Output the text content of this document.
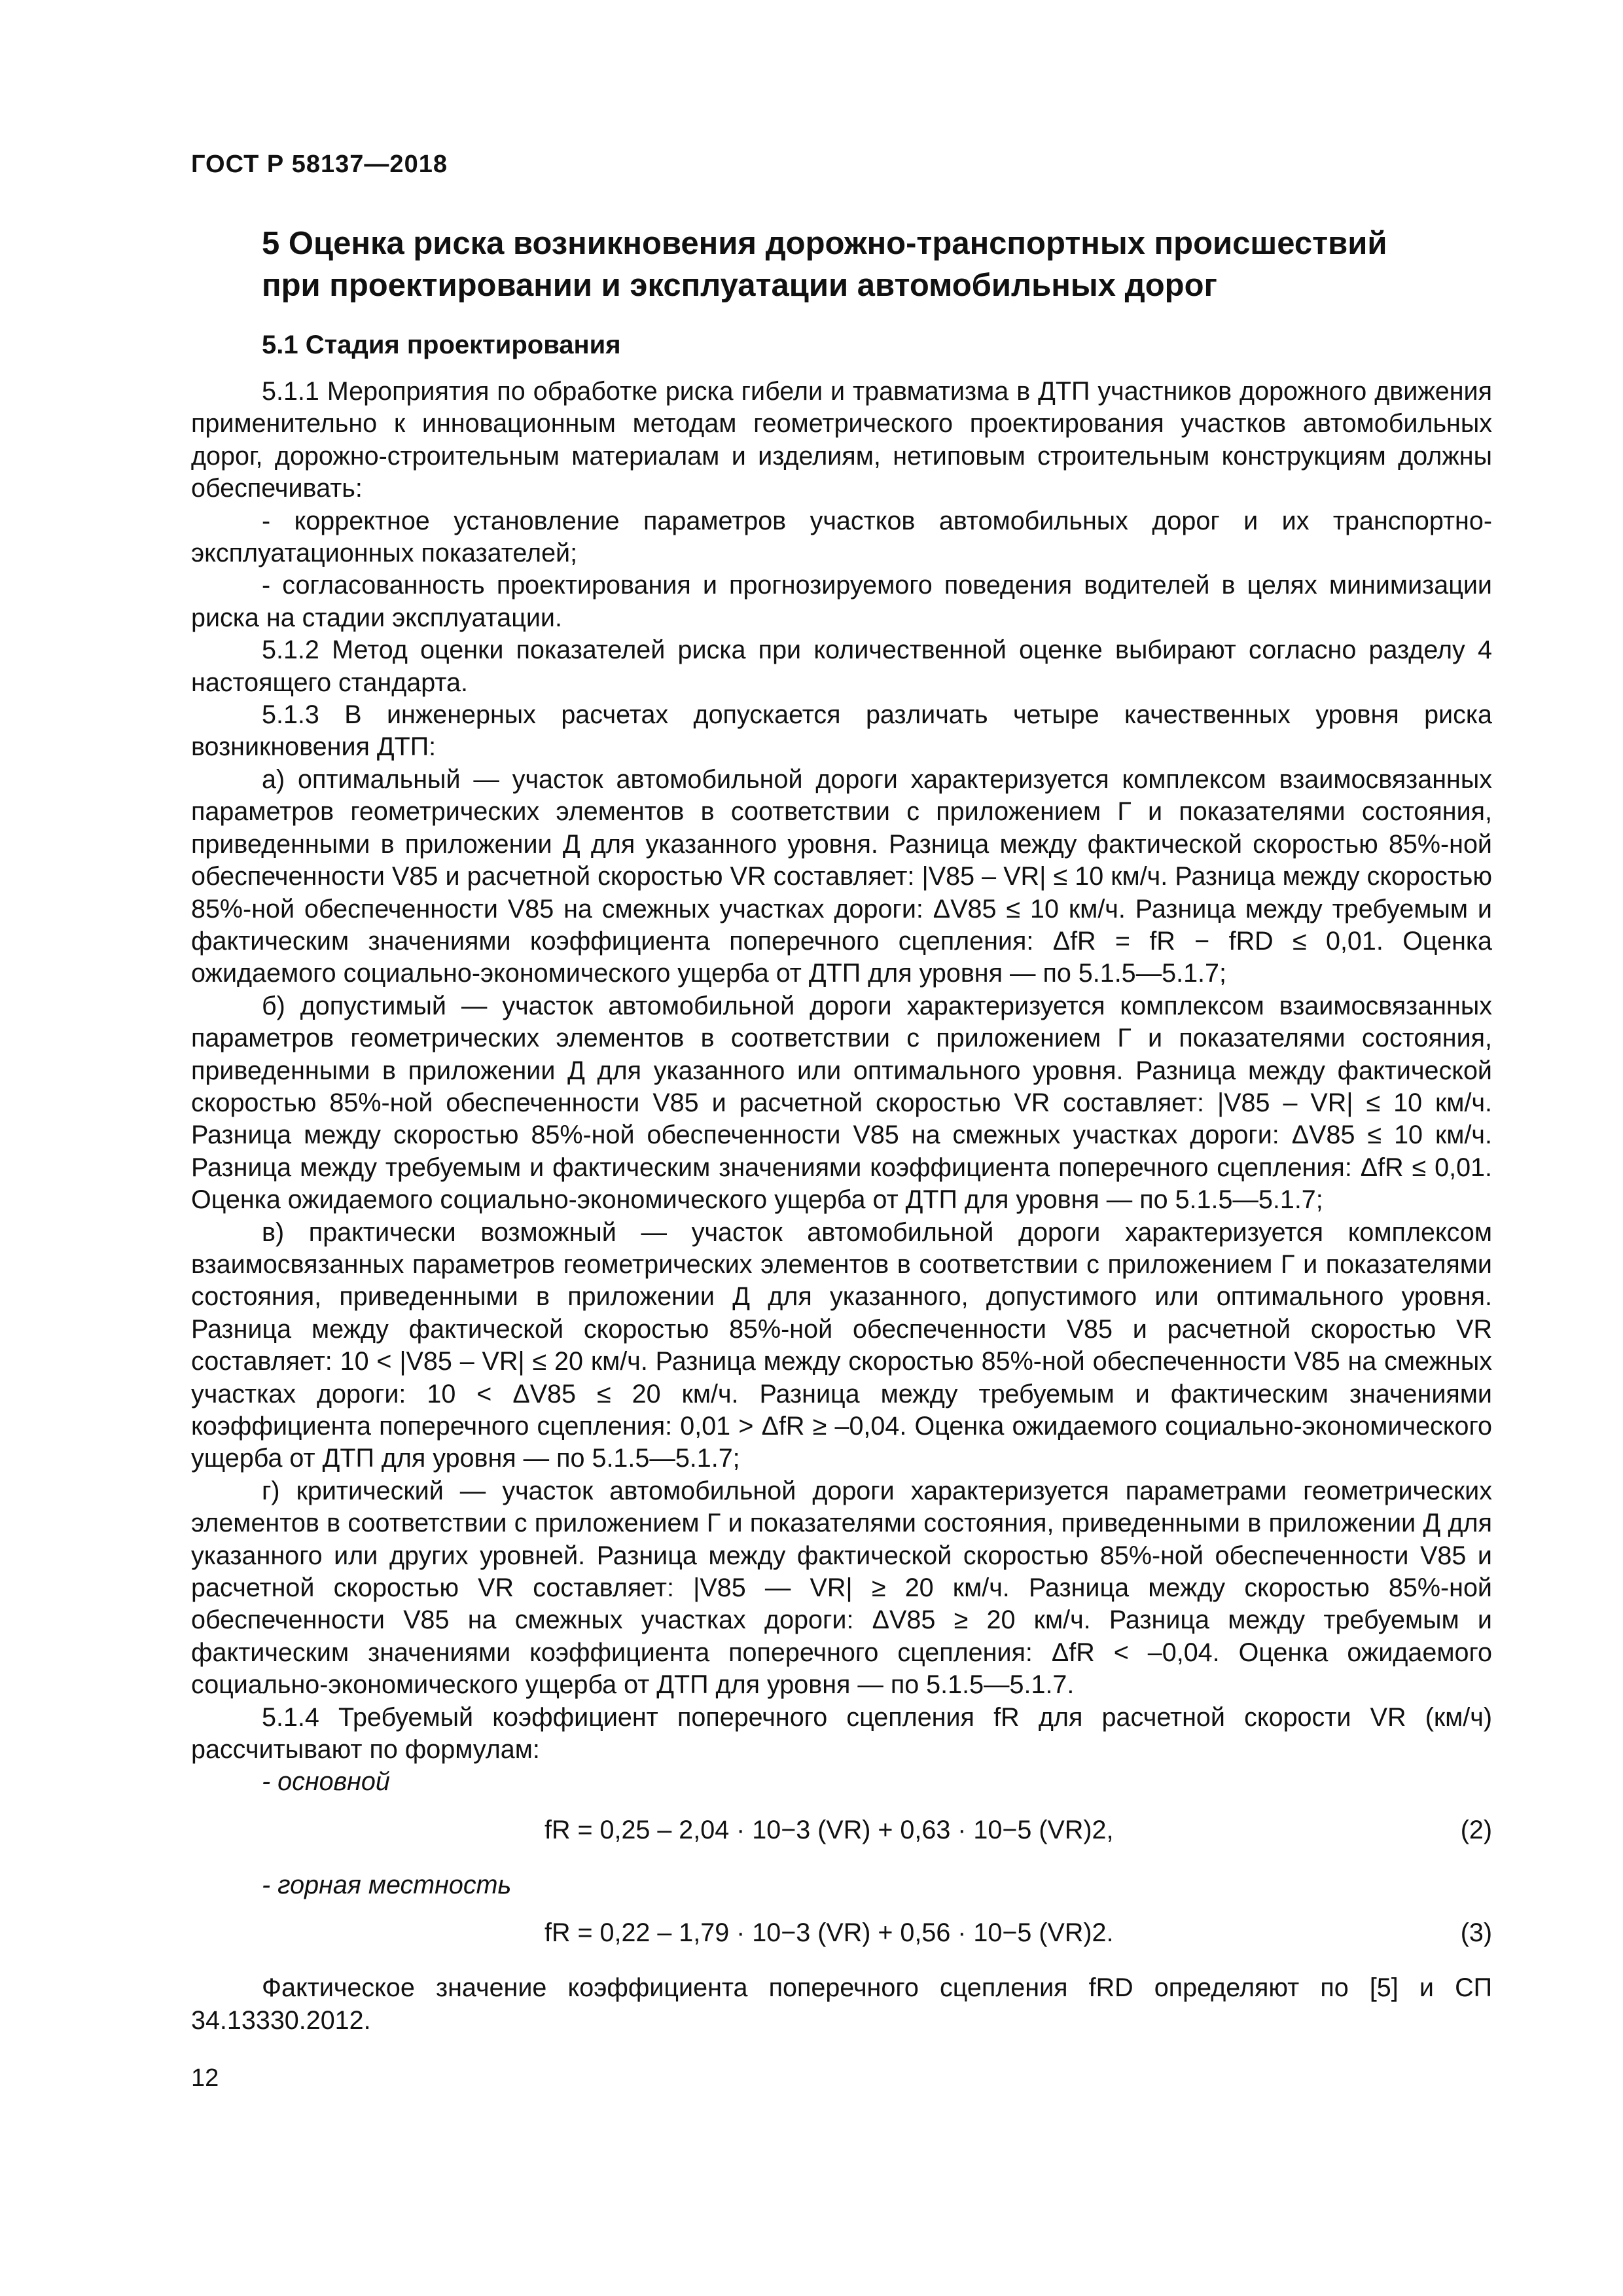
ГОСТ Р 58137—2018
5 Оценка риска возникновения дорожно-транспортных происшествий
при проектировании и эксплуатации автомобильных дорог
5.1 Стадия проектирования

5.1.1 Мероприятия по обработке риска гибели и травматизма в ДТП участников дорожного движения применительно к инновационным методам геометрического проектирования участков автомобильных дорог, дорожно-строительным материалам и изделиям, нетиповым строительным конструкциям должны обеспечивать:

- корректное установление параметров участков автомобильных дорог и их транспортно-эксплуатационных показателей;

- согласованность проектирования и прогнозируемого поведения водителей в целях минимизации риска на стадии эксплуатации.

5.1.2 Метод оценки показателей риска при количественной оценке выбирают согласно разделу 4 настоящего стандарта.

5.1.3 В инженерных расчетах допускается различать четыре качественных уровня риска возникновения ДТП:

а) оптимальный — участок автомобильной дороги характеризуется комплексом взаимосвязанных параметров геометрических элементов в соответствии с приложением Г и показателями состояния, приведенными в приложении Д для указанного уровня. Разница между фактической скоростью 85%-ной обеспеченности V85 и расчетной скоростью VR составляет: |V85 – VR| ≤ 10 км/ч. Разница между скоростью 85%-ной обеспеченности V85 на смежных участках дороги: ΔV85 ≤ 10 км/ч. Разница между требуемым и фактическим значениями коэффициента поперечного сцепления: ΔfR = fR − fRD ≤ 0,01. Оценка ожидаемого социально-экономического ущерба от ДТП для уровня — по 5.1.5—5.1.7;

б) допустимый — участок автомобильной дороги характеризуется комплексом взаимосвязанных параметров геометрических элементов в соответствии с приложением Г и показателями состояния, приведенными в приложении Д для указанного или оптимального уровня. Разница между фактической скоростью 85%-ной обеспеченности V85 и расчетной скоростью VR составляет: |V85 – VR| ≤ 10 км/ч. Разница между скоростью 85%-ной обеспеченности V85 на смежных участках дороги: ΔV85 ≤ 10 км/ч. Разница между требуемым и фактическим значениями коэффициента поперечного сцепления: ΔfR ≤ 0,01. Оценка ожидаемого социально-экономического ущерба от ДТП для уровня — по 5.1.5—5.1.7;

в) практически возможный — участок автомобильной дороги характеризуется комплексом взаимосвязанных параметров геометрических элементов в соответствии с приложением Г и показателями состояния, приведенными в приложении Д для указанного, допустимого или оптимального уровня. Разница между фактической скоростью 85%-ной обеспеченности V85 и расчетной скоростью VR составляет: 10 < |V85 – VR| ≤ 20 км/ч. Разница между скоростью 85%-ной обеспеченности V85 на смежных участках дороги: 10 < ΔV85 ≤ 20 км/ч. Разница между требуемым и фактическим значениями коэффициента поперечного сцепления: 0,01 > ΔfR ≥ –0,04. Оценка ожидаемого социально-экономического ущерба от ДТП для уровня — по 5.1.5—5.1.7;

г) критический — участок автомобильной дороги характеризуется параметрами геометрических элементов в соответствии с приложением Г и показателями состояния, приведенными в приложении Д для указанного или других уровней. Разница между фактической скоростью 85%-ной обеспеченности V85 и расчетной скоростью VR составляет: |V85 — VR| ≥ 20 км/ч. Разница между скоростью 85%-ной обеспеченности V85 на смежных участках дороги: ΔV85 ≥ 20 км/ч. Разница между требуемым и фактическим значениями коэффициента поперечного сцепления: ΔfR < –0,04. Оценка ожидаемого социально-экономического ущерба от ДТП для уровня — по 5.1.5—5.1.7.

5.1.4 Требуемый коэффициент поперечного сцепления fR для расчетной скорости VR (км/ч) рассчитывают по формулам:

- основной

fR = 0,25 – 2,04 · 10−3 (VR) + 0,63 · 10−5 (VR)2,	(2)

- горная местность

fR = 0,22 – 1,79 · 10−3 (VR) + 0,56 · 10−5 (VR)2.	(3)

Фактическое значение коэффициента поперечного сцепления fRD определяют по [5] и СП 34.13330.2012.

12
